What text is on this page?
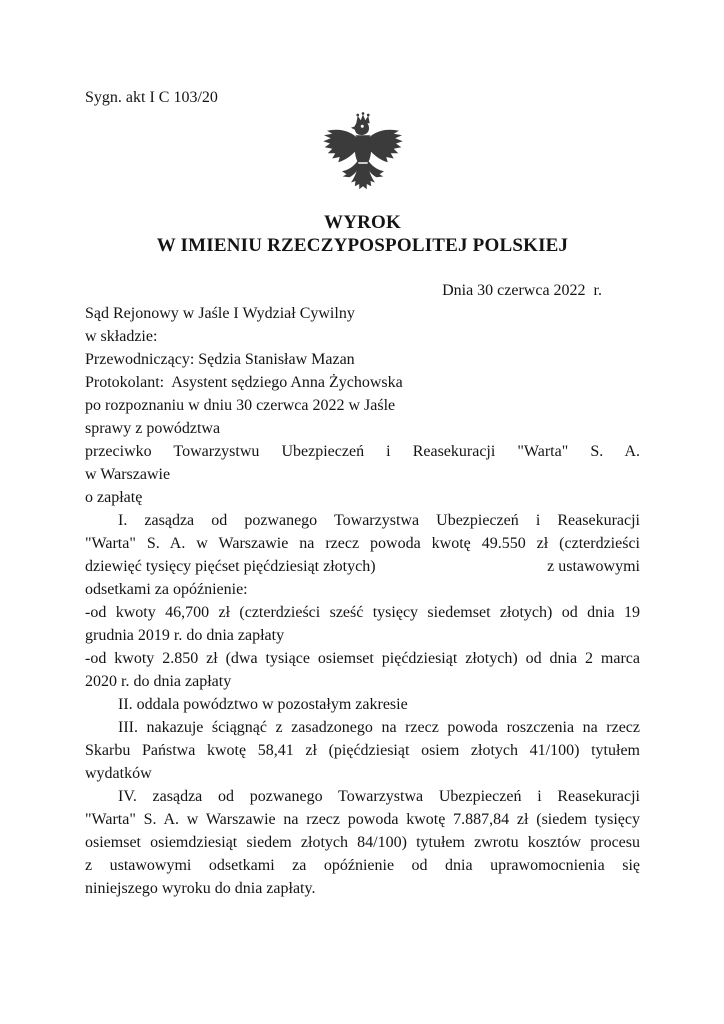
Sygn. akt I C 103/20
WYROK
W IMIENIU RZECZYPOSPOLITEJ POLSKIEJ
Dnia 30 czerwca 2022  r.
Sąd Rejonowy w Jaśle I Wydział Cywilny
w składzie:
Przewodniczący: Sędzia Stanisław Mazan
Protokolant:  Asystent sędziego Anna Żychowska
po rozpoznaniu w dniu 30 czerwca 2022 w Jaśle
sprawy z powództwa
przeciwko Towarzystwu Ubezpieczeń i Reasekuracji "Warta" S. A.
w Warszawie
o zapłatę
I. zasądza od pozwanego Towarzystwa Ubezpieczeń i Reasekuracji
"Warta" S. A. w Warszawie na rzecz powoda kwotę 49.550 zł (czterdzieści
dziewięć tysięcy pięćset pięćdziesiąt złotych)	z ustawowymi
odsetkami za opóźnienie:
-od kwoty 46,700 zł (czterdzieści sześć tysięcy siedemset złotych) od dnia 19
grudnia 2019 r. do dnia zapłaty
-od kwoty 2.850 zł (dwa tysiące osiemset pięćdziesiąt złotych) od dnia 2 marca
2020 r. do dnia zapłaty
II. oddala powództwo w pozostałym zakresie
III. nakazuje ściągnąć z zasadzonego na rzecz powoda roszczenia na rzecz
Skarbu Państwa kwotę 58,41 zł (pięćdziesiąt osiem złotych 41/100) tytułem
wydatków
IV. zasądza od pozwanego Towarzystwa Ubezpieczeń i Reasekuracji
"Warta" S. A. w Warszawie na rzecz powoda kwotę 7.887,84 zł (siedem tysięcy
osiemset osiemdziesiąt siedem złotych 84/100) tytułem zwrotu kosztów procesu
z ustawowymi odsetkami za opóźnienie od dnia uprawomocnienia się
niniejszego wyroku do dnia zapłaty.
